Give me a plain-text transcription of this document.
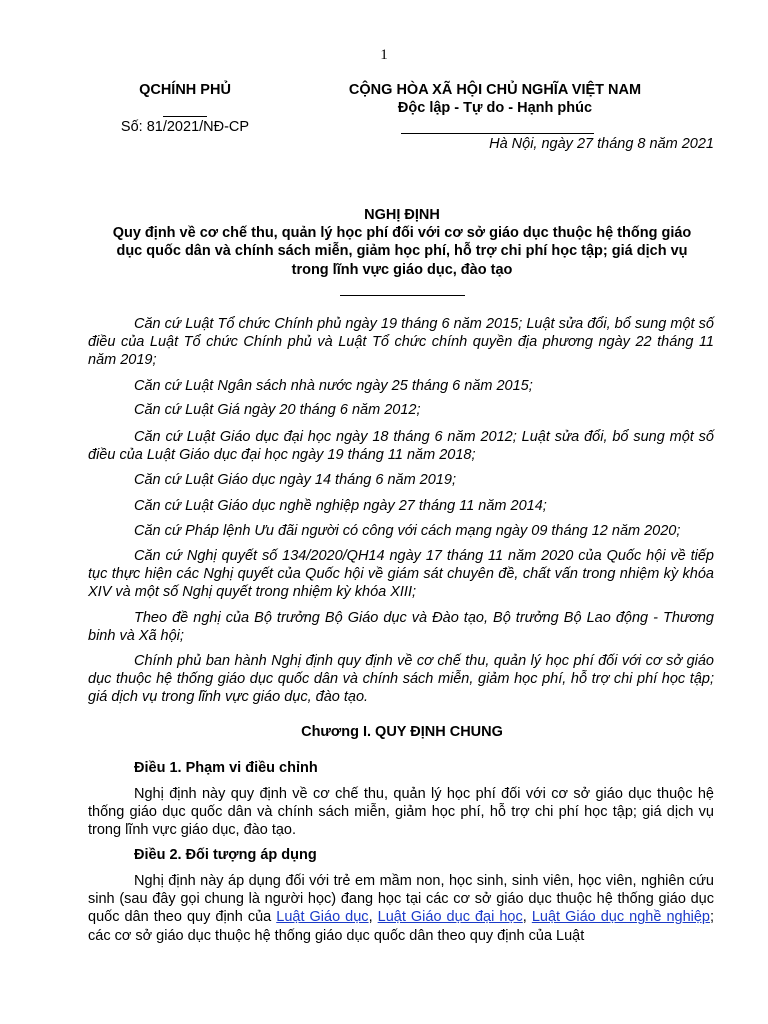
1
QCHÍNH PHỦ
Số: 81/2021/NĐ-CP
CỘNG HÒA XÃ HỘI CHỦ NGHĨA VIỆT NAM
Độc lập - Tự do - Hạnh phúc
Hà Nội, ngày 27 tháng 8 năm 2021
NGHỊ ĐỊNH
Quy định về cơ chế thu, quản lý học phí đối với cơ sở giáo dục thuộc hệ thống giáo
dục quốc dân và chính sách miễn, giảm học phí, hỗ trợ chi phí học tập; giá dịch vụ
trong lĩnh vực giáo dục, đào tạo

Căn cứ Luật Tổ chức Chính phủ ngày 19 tháng 6 năm 2015; Luật sửa đổi, bổ sung một số điều của Luật Tổ chức Chính phủ và Luật Tổ chức chính quyền địa phương ngày 22 tháng 11 năm 2019;

Căn cứ Luật Ngân sách nhà nước ngày 25 tháng 6 năm 2015;

Căn cứ Luật Giá ngày 20 tháng 6 năm 2012;

Căn cứ Luật Giáo dục đại học ngày 18 tháng 6 năm 2012; Luật sửa đổi, bổ sung một số điều của Luật Giáo dục đại học ngày 19 tháng 11 năm 2018;

Căn cứ Luật Giáo dục ngày 14 tháng 6 năm 2019;

Căn cứ Luật Giáo dục nghề nghiệp ngày 27 tháng 11 năm 2014;

Căn cứ Pháp lệnh Ưu đãi người có công với cách mạng ngày 09 tháng 12 năm 2020;

Căn cứ Nghị quyết số 134/2020/QH14 ngày 17 tháng 11 năm 2020 của Quốc hội về tiếp tục thực hiện các Nghị quyết của Quốc hội về giám sát chuyên đề, chất vấn trong nhiệm kỳ khóa XIV và một số Nghị quyết trong nhiệm kỳ khóa XIII;

Theo đề nghị của Bộ trưởng Bộ Giáo dục và Đào tạo, Bộ trưởng Bộ Lao động - Thương binh và Xã hội;

Chính phủ ban hành Nghị định quy định về cơ chế thu, quản lý học phí đối với cơ sở giáo dục thuộc hệ thống giáo dục quốc dân và chính sách miễn, giảm học phí, hỗ trợ chi phí học tập; giá dịch vụ trong lĩnh vực giáo dục, đào tạo.

Chương I. QUY ĐỊNH CHUNG

Điều 1. Phạm vi điều chỉnh

Nghị định này quy định về cơ chế thu, quản lý học phí đối với cơ sở giáo dục thuộc hệ thống giáo dục quốc dân và chính sách miễn, giảm học phí, hỗ trợ chi phí học tập; giá dịch vụ trong lĩnh vực giáo dục, đào tạo.

Điều 2. Đối tượng áp dụng

Nghị định này áp dụng đối với trẻ em mầm non, học sinh, sinh viên, học viên, nghiên cứu sinh (sau đây gọi chung là người học) đang học tại các cơ sở giáo dục thuộc hệ thống giáo dục quốc dân theo quy định của Luật Giáo dục, Luật Giáo dục đại học, Luật Giáo dục nghề nghiệp; các cơ sở giáo dục thuộc hệ thống giáo dục quốc dân theo quy định của Luật
